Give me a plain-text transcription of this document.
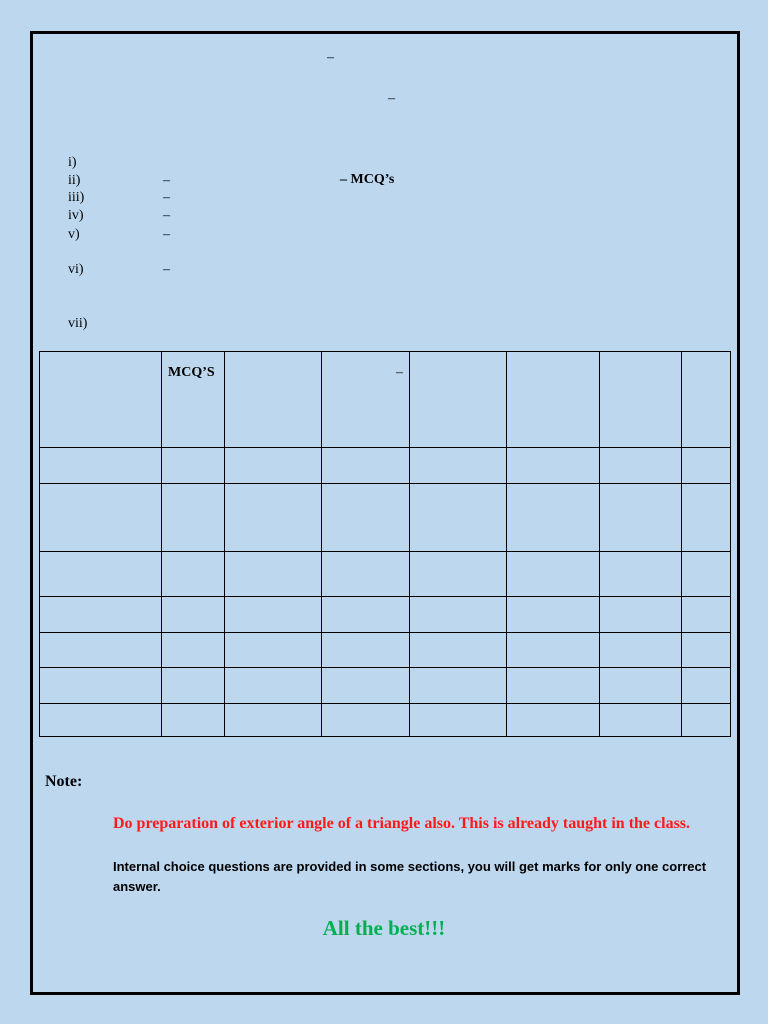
–
–
i)
ii)	–	– MCQ’s
iii)	–
iv)	–
v)	–
vi)	–
vii)

	MCQ’S		–				

Note:
Do preparation of exterior angle of a triangle also. This is already taught in the class.
Internal choice questions are provided in some sections, you will get marks for only one correct answer.
All the best!!!
